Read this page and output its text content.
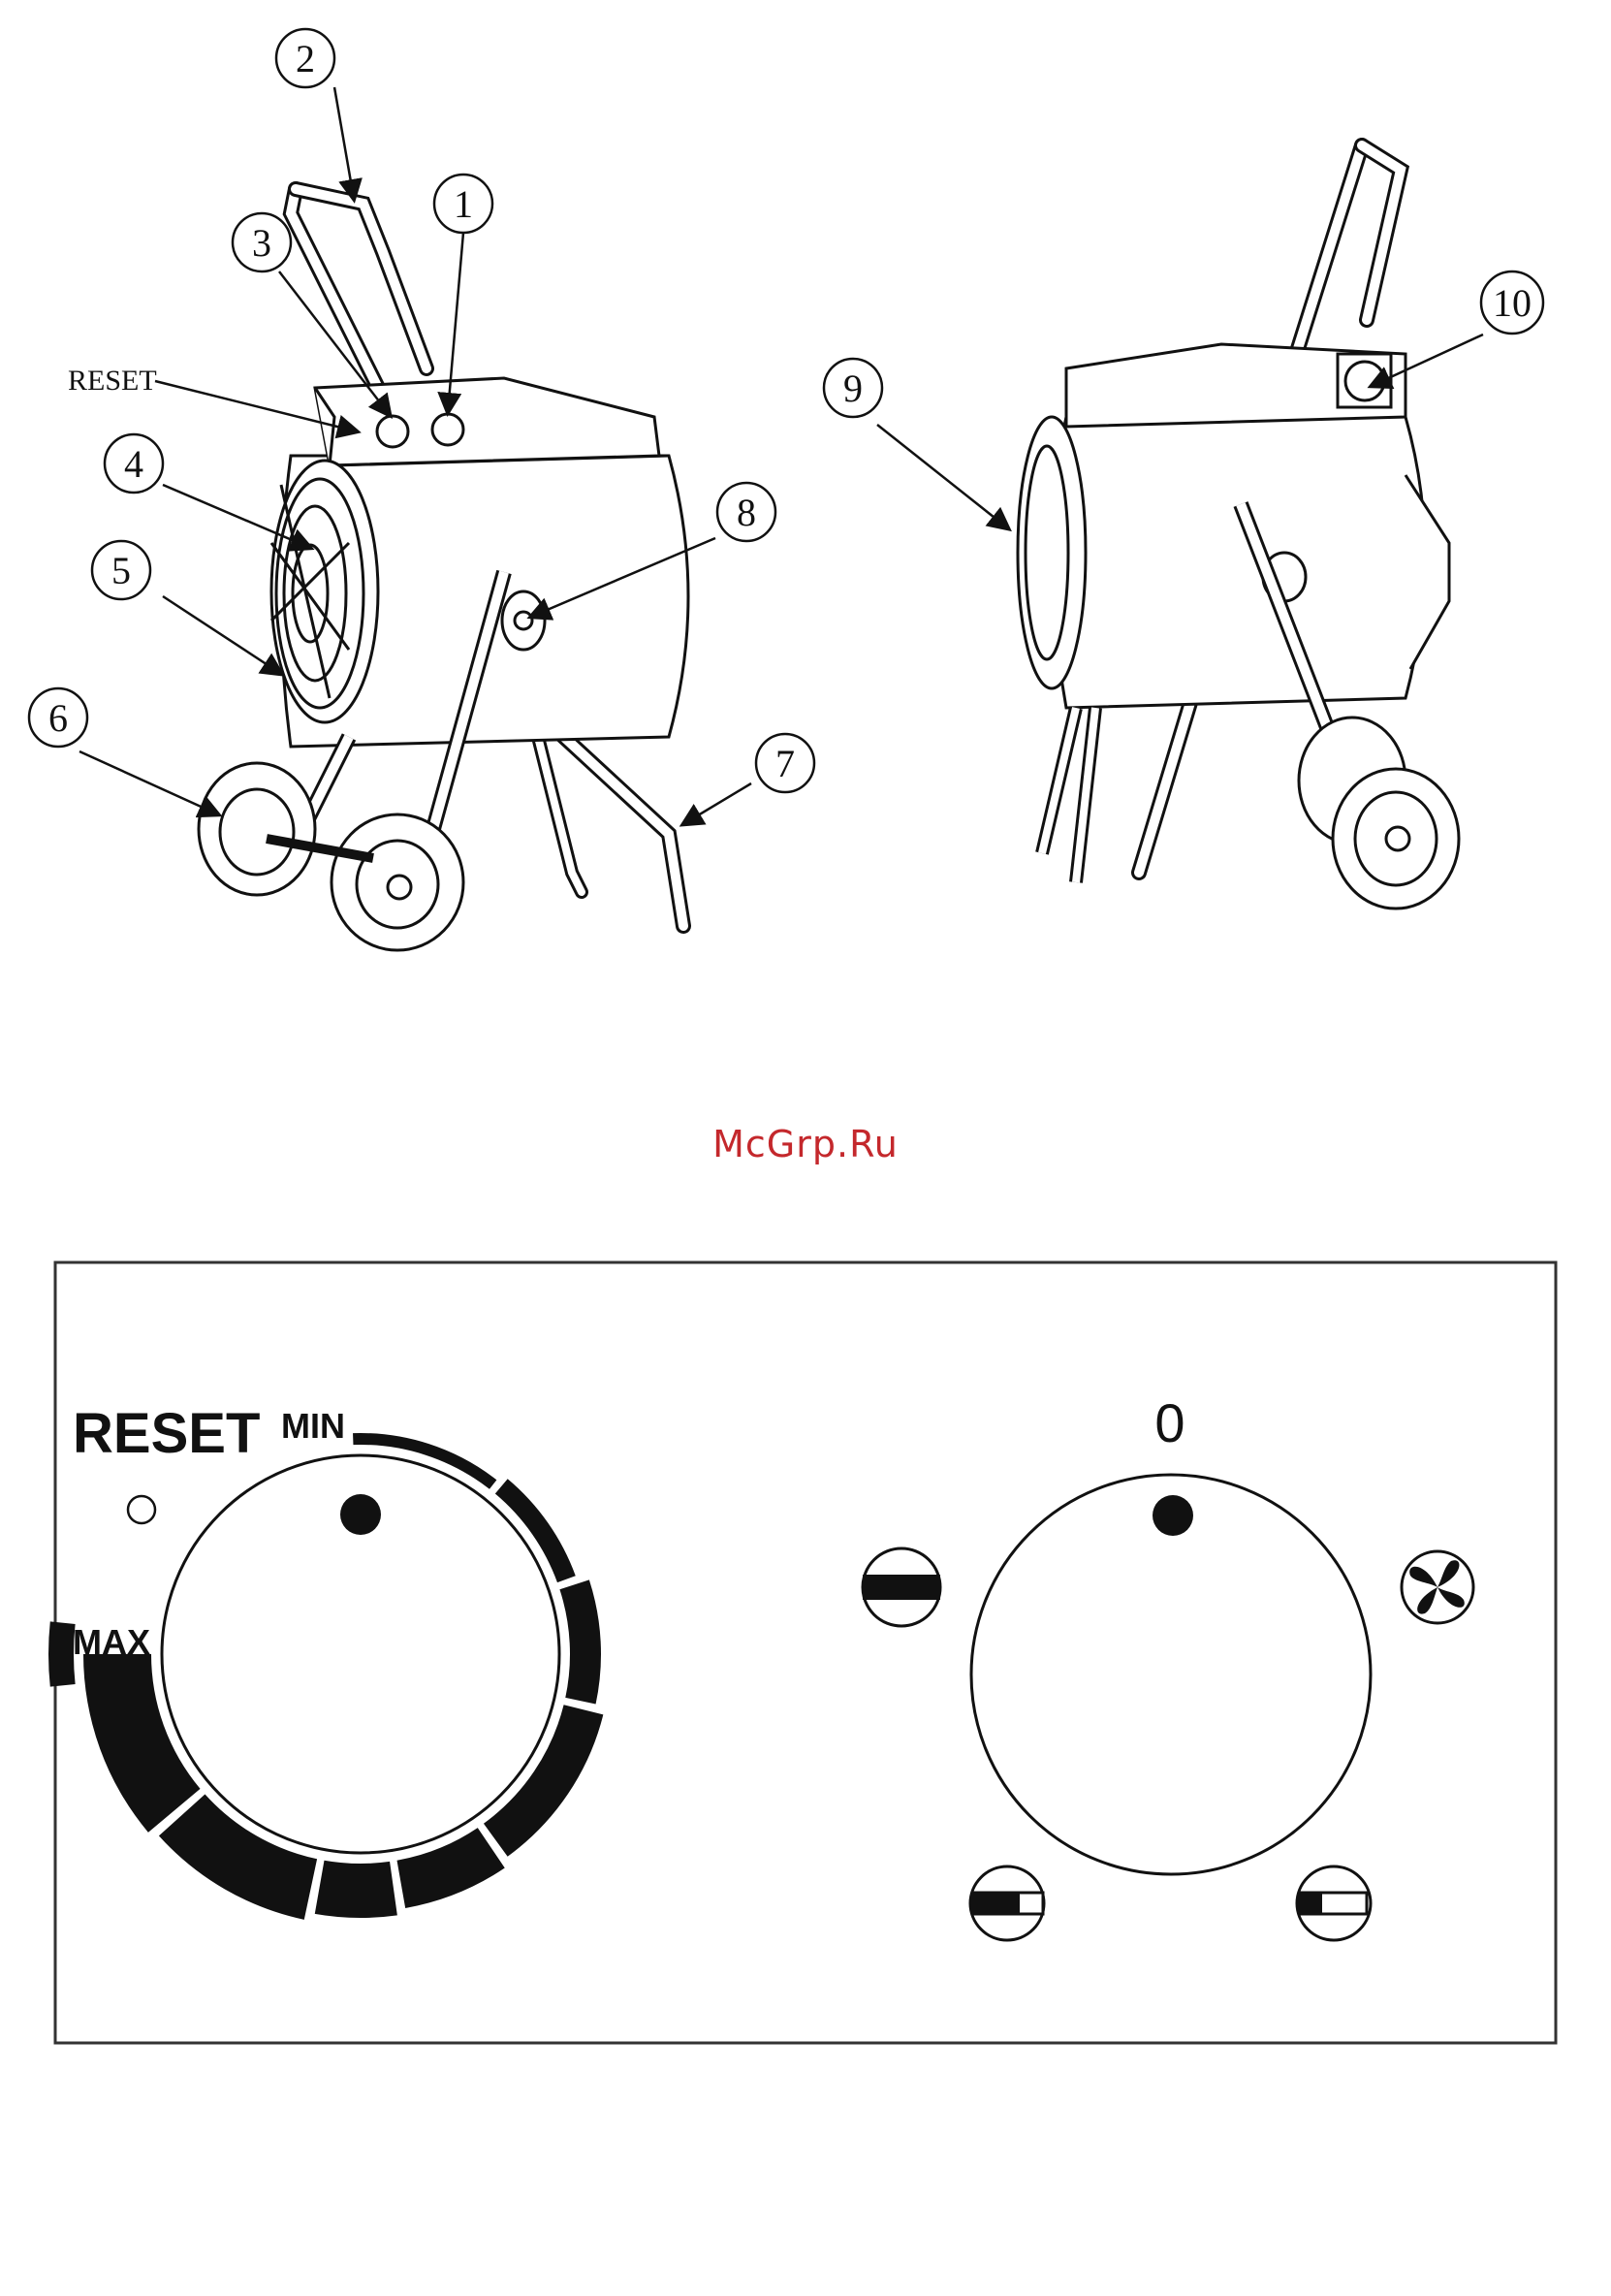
RESET
1
2
3
4
5
6
7
8
9
10
RESET MIN
MAX
0
McGrp.Ru
